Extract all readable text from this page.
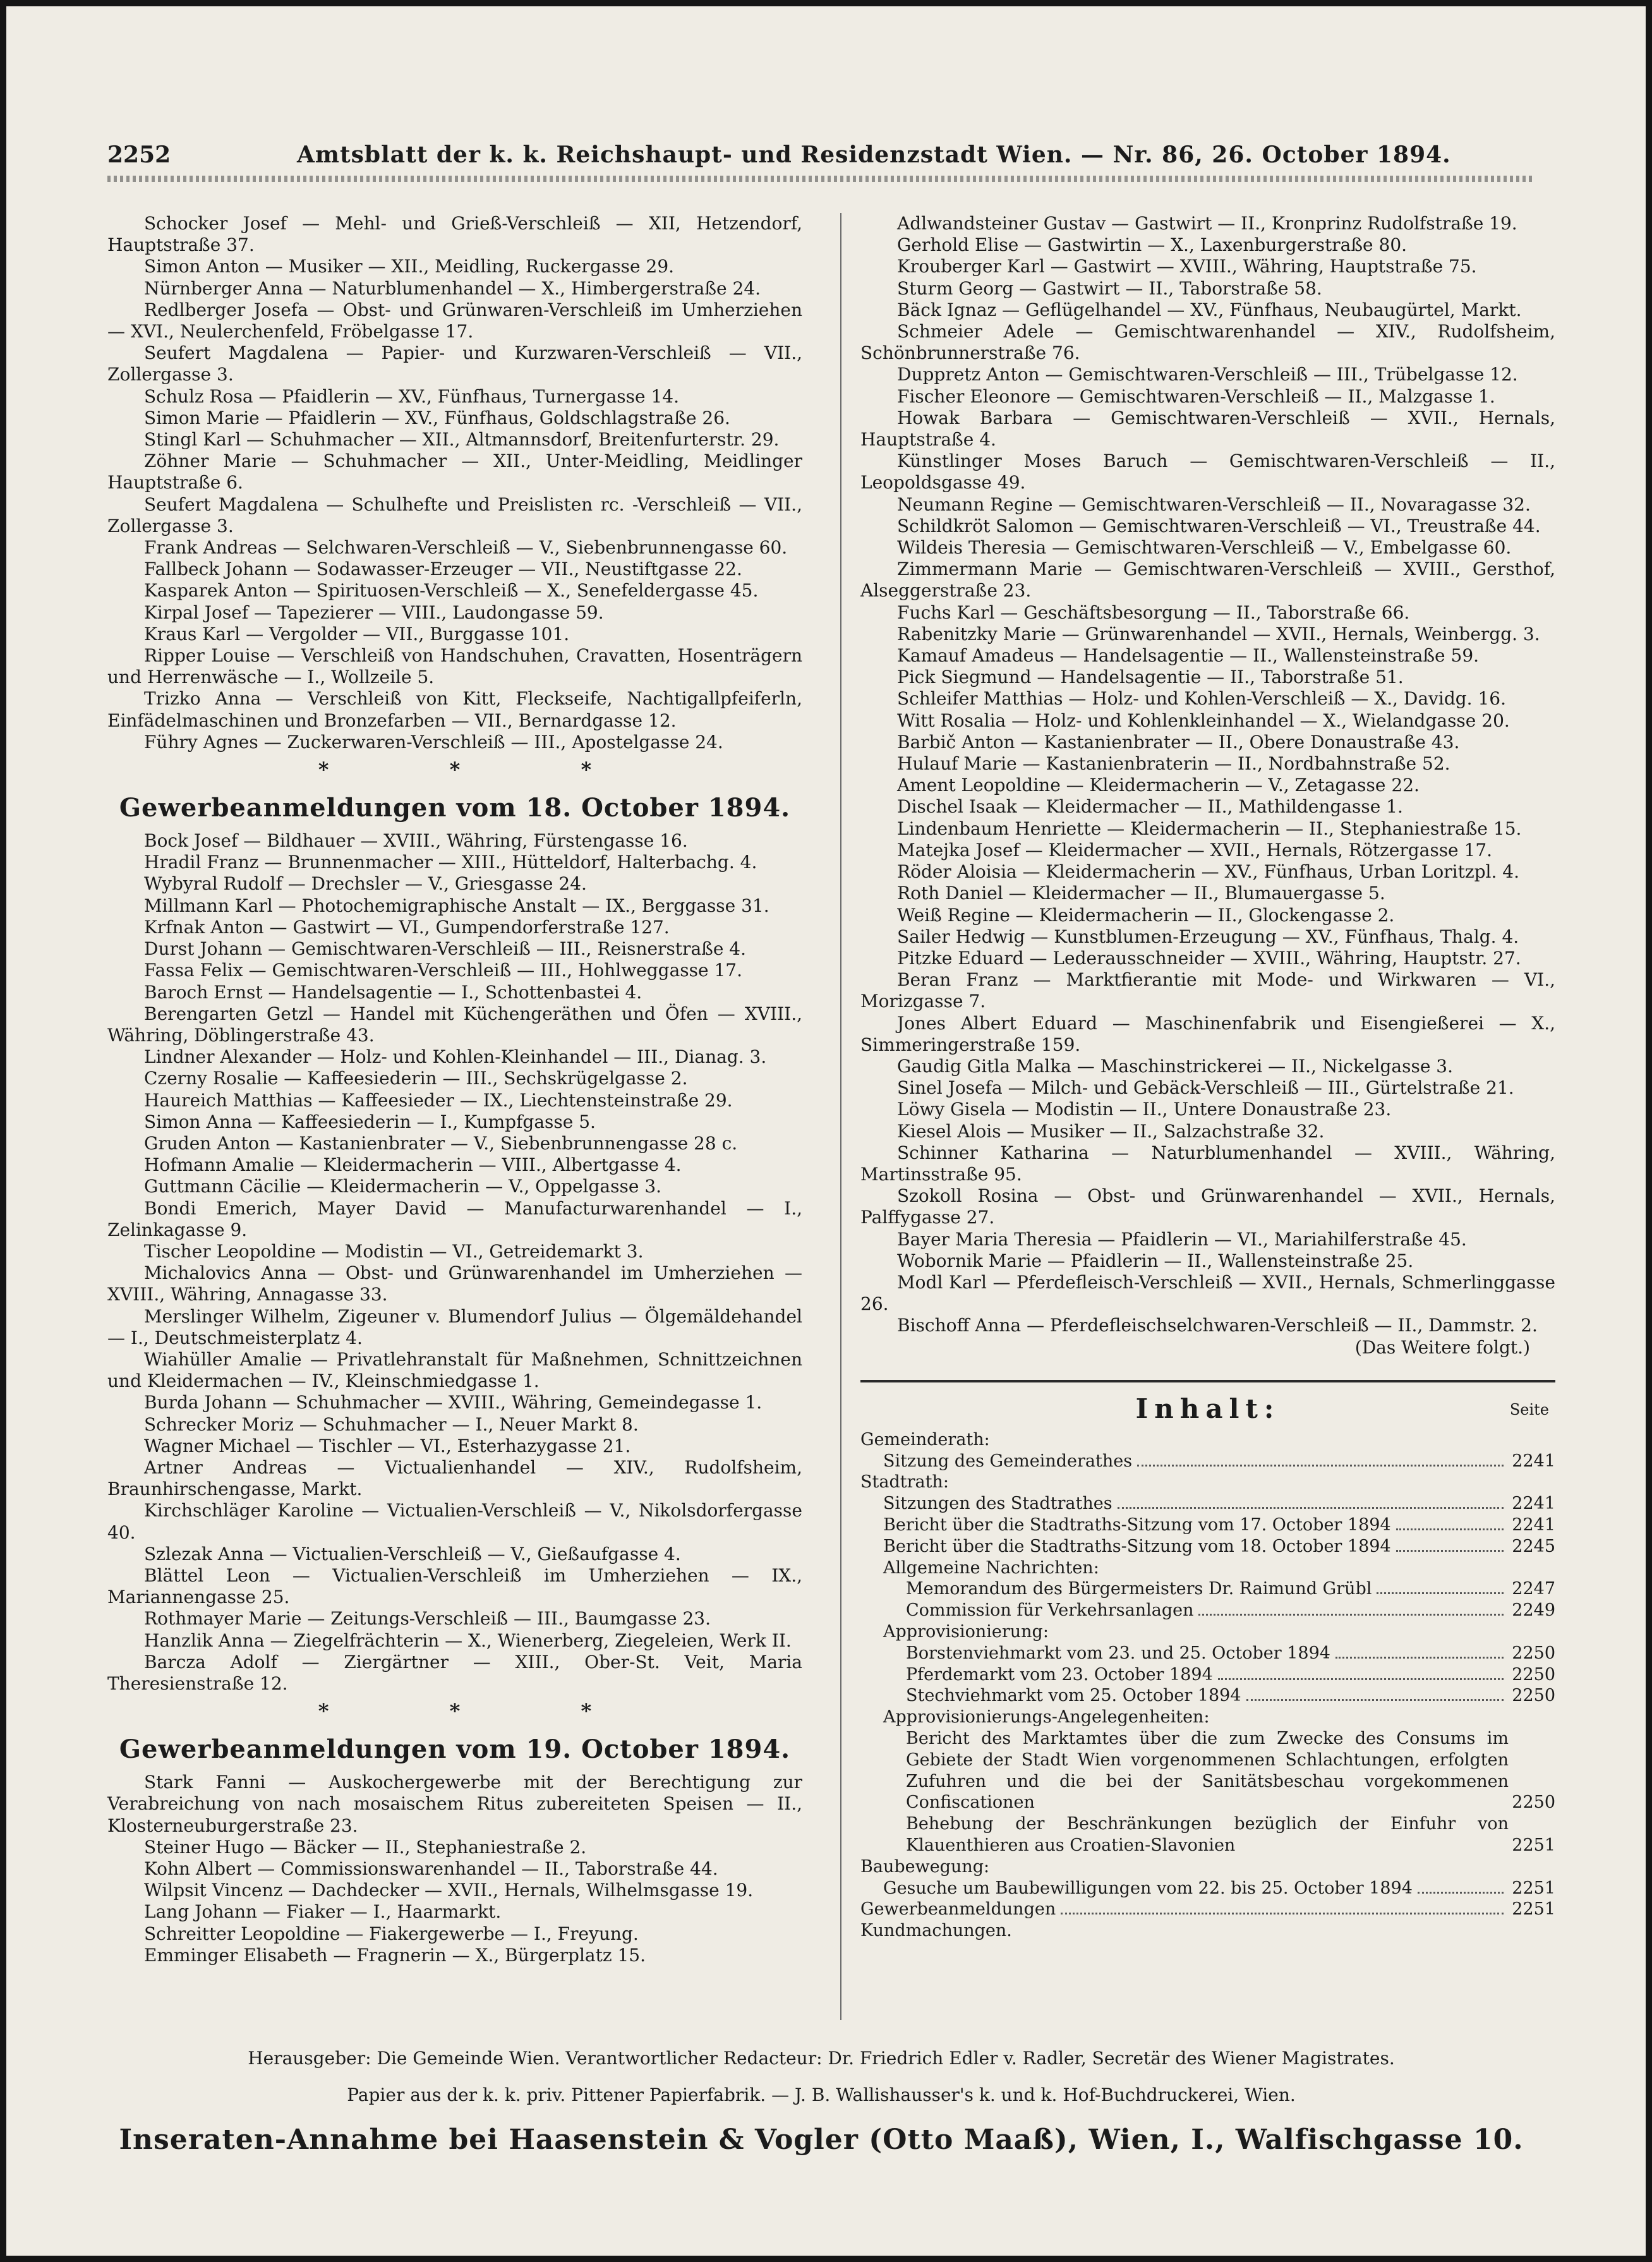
2252	Amtsblatt der k. k. Reichshaupt- und Residenzstadt Wien. — Nr. 86, 26. October 1894.

Schocker Josef — Mehl- und Grieß-Verschleiß — XII, Hetzendorf, Hauptstraße 37.

Simon Anton — Musiker — XII., Meidling, Ruckergasse 29.

Nürnberger Anna — Naturblumenhandel — X., Himbergerstraße 24.

Redlberger Josefa — Obst- und Grünwaren-Verschleiß im Umherziehen — XVI., Neulerchenfeld, Fröbelgasse 17.

Seufert Magdalena — Papier- und Kurzwaren-Verschleiß — VII., Zollergasse 3.

Schulz Rosa — Pfaidlerin — XV., Fünfhaus, Turnergasse 14.

Simon Marie — Pfaidlerin — XV., Fünfhaus, Goldschlagstraße 26.

Stingl Karl — Schuhmacher — XII., Altmannsdorf, Breitenfurterstr. 29.

Zöhner Marie — Schuhmacher — XII., Unter-Meidling, Meidlinger Hauptstraße 6.

Seufert Magdalena — Schulhefte und Preislisten rc. -Verschleiß — VII., Zollergasse 3.

Frank Andreas — Selchwaren-Verschleiß — V., Siebenbrunnengasse 60.

Fallbeck Johann — Sodawasser-Erzeuger — VII., Neustiftgasse 22.

Kasparek Anton — Spirituosen-Verschleiß — X., Senefeldergasse 45.

Kirpal Josef — Tapezierer — VIII., Laudongasse 59.

Kraus Karl — Vergolder — VII., Burggasse 101.

Ripper Louise — Verschleiß von Handschuhen, Cravatten, Hosenträgern und Herrenwäsche — I., Wollzeile 5.

Trizko Anna — Verschleiß von Kitt, Fleckseife, Nachtigallpfeiferln, Einfädelmaschinen und Bronzefarben — VII., Bernardgasse 12.

Führy Agnes — Zuckerwaren-Verschleiß — III., Apostelgasse 24.

* * *
Gewerbeanmeldungen vom 18. October 1894.

Bock Josef — Bildhauer — XVIII., Währing, Fürstengasse 16.

Hradil Franz — Brunnenmacher — XIII., Hütteldorf, Halterbachg. 4.

Wybyral Rudolf — Drechsler — V., Griesgasse 24.

Millmann Karl — Photochemigraphische Anstalt — IX., Berggasse 31.

Krfnak Anton — Gastwirt — VI., Gumpendorferstraße 127.

Durst Johann — Gemischtwaren-Verschleiß — III., Reisnerstraße 4.

Fassa Felix — Gemischtwaren-Verschleiß — III., Hohlweggasse 17.

Baroch Ernst — Handelsagentie — I., Schottenbastei 4.

Berengarten Getzl — Handel mit Küchengeräthen und Öfen — XVIII., Währing, Döblingerstraße 43.

Lindner Alexander — Holz- und Kohlen-Kleinhandel — III., Dianag. 3.

Czerny Rosalie — Kaffeesiederin — III., Sechskrügelgasse 2.

Haureich Matthias — Kaffeesieder — IX., Liechtensteinstraße 29.

Simon Anna — Kaffeesiederin — I., Kumpfgasse 5.

Gruden Anton — Kastanienbrater — V., Siebenbrunnengasse 28 c.

Hofmann Amalie — Kleidermacherin — VIII., Albertgasse 4.

Guttmann Cäcilie — Kleidermacherin — V., Oppelgasse 3.

Bondi Emerich, Mayer David — Manufacturwarenhandel — I., Zelinkagasse 9.

Tischer Leopoldine — Modistin — VI., Getreidemarkt 3.

Michalovics Anna — Obst- und Grünwarenhandel im Umherziehen — XVIII., Währing, Annagasse 33.

Merslinger Wilhelm, Zigeuner v. Blumendorf Julius — Ölgemäldehandel — I., Deutschmeisterplatz 4.

Wiahüller Amalie — Privatlehranstalt für Maßnehmen, Schnittzeichnen und Kleidermachen — IV., Kleinschmiedgasse 1.

Burda Johann — Schuhmacher — XVIII., Währing, Gemeindegasse 1.

Schrecker Moriz — Schuhmacher — I., Neuer Markt 8.

Wagner Michael — Tischler — VI., Esterhazygasse 21.

Artner Andreas — Victualienhandel — XIV., Rudolfsheim, Braunhirschengasse, Markt.

Kirchschläger Karoline — Victualien-Verschleiß — V., Nikolsdorfergasse 40.

Szlezak Anna — Victualien-Verschleiß — V., Gießaufgasse 4.

Blättel Leon — Victualien-Verschleiß im Umherziehen — IX., Mariannengasse 25.

Rothmayer Marie — Zeitungs-Verschleiß — III., Baumgasse 23.

Hanzlik Anna — Ziegelfrächterin — X., Wienerberg, Ziegeleien, Werk II.

Barcza Adolf — Ziergärtner — XIII., Ober-St. Veit, Maria Theresienstraße 12.

* * *
Gewerbeanmeldungen vom 19. October 1894.

Stark Fanni — Auskochergewerbe mit der Berechtigung zur Verabreichung von nach mosaischem Ritus zubereiteten Speisen — II., Klosterneuburgerstraße 23.

Steiner Hugo — Bäcker — II., Stephaniestraße 2.

Kohn Albert — Commissionswarenhandel — II., Taborstraße 44.

Wilpsit Vincenz — Dachdecker — XVII., Hernals, Wilhelmsgasse 19.

Lang Johann — Fiaker — I., Haarmarkt.

Schreitter Leopoldine — Fiakergewerbe — I., Freyung.

Emminger Elisabeth — Fragnerin — X., Bürgerplatz 15.

Adlwandsteiner Gustav — Gastwirt — II., Kronprinz Rudolfstraße 19.

Gerhold Elise — Gastwirtin — X., Laxenburgerstraße 80.

Krouberger Karl — Gastwirt — XVIII., Währing, Hauptstraße 75.

Sturm Georg — Gastwirt — II., Taborstraße 58.

Bäck Ignaz — Geflügelhandel — XV., Fünfhaus, Neubaugürtel, Markt.

Schmeier Adele — Gemischtwarenhandel — XIV., Rudolfsheim, Schönbrunnerstraße 76.

Duppretz Anton — Gemischtwaren-Verschleiß — III., Trübelgasse 12.

Fischer Eleonore — Gemischtwaren-Verschleiß — II., Malzgasse 1.

Howak Barbara — Gemischtwaren-Verschleiß — XVII., Hernals, Hauptstraße 4.

Künstlinger Moses Baruch — Gemischtwaren-Verschleiß — II., Leopoldsgasse 49.

Neumann Regine — Gemischtwaren-Verschleiß — II., Novaragasse 32.

Schildkröt Salomon — Gemischtwaren-Verschleiß — VI., Treustraße 44.

Wildeis Theresia — Gemischtwaren-Verschleiß — V., Embelgasse 60.

Zimmermann Marie — Gemischtwaren-Verschleiß — XVIII., Gersthof, Alseggerstraße 23.

Fuchs Karl — Geschäftsbesorgung — II., Taborstraße 66.

Rabenitzky Marie — Grünwarenhandel — XVII., Hernals, Weinbergg. 3.

Kamauf Amadeus — Handelsagentie — II., Wallensteinstraße 59.

Pick Siegmund — Handelsagentie — II., Taborstraße 51.

Schleifer Matthias — Holz- und Kohlen-Verschleiß — X., Davidg. 16.

Witt Rosalia — Holz- und Kohlenkleinhandel — X., Wielandgasse 20.

Barbič Anton — Kastanienbrater — II., Obere Donaustraße 43.

Hulauf Marie — Kastanienbraterin — II., Nordbahnstraße 52.

Ament Leopoldine — Kleidermacherin — V., Zetagasse 22.

Dischel Isaak — Kleidermacher — II., Mathildengasse 1.

Lindenbaum Henriette — Kleidermacherin — II., Stephaniestraße 15.

Matejka Josef — Kleidermacher — XVII., Hernals, Rötzergasse 17.

Röder Aloisia — Kleidermacherin — XV., Fünfhaus, Urban Loritzpl. 4.

Roth Daniel — Kleidermacher — II., Blumauergasse 5.

Weiß Regine — Kleidermacherin — II., Glockengasse 2.

Sailer Hedwig — Kunstblumen-Erzeugung — XV., Fünfhaus, Thalg. 4.

Pitzke Eduard — Lederausschneider — XVIII., Währing, Hauptstr. 27.

Beran Franz — Marktfierantie mit Mode- und Wirkwaren — VI., Morizgasse 7.

Jones Albert Eduard — Maschinenfabrik und Eisengießerei — X., Simmeringerstraße 159.

Gaudig Gitla Malka — Maschinstrickerei — II., Nickelgasse 3.

Sinel Josefa — Milch- und Gebäck-Verschleiß — III., Gürtelstraße 21.

Löwy Gisela — Modistin — II., Untere Donaustraße 23.

Kiesel Alois — Musiker — II., Salzachstraße 32.

Schinner Katharina — Naturblumenhandel — XVIII., Währing, Martinsstraße 95.

Szokoll Rosina — Obst- und Grünwarenhandel — XVII., Hernals, Palffygasse 27.

Bayer Maria Theresia — Pfaidlerin — VI., Mariahilferstraße 45.

Wobornik Marie — Pfaidlerin — II., Wallensteinstraße 25.

Modl Karl — Pferdefleisch-Verschleiß — XVII., Hernals, Schmerlinggasse 26.

Bischoff Anna — Pferdefleischselchwaren-Verschleiß — II., Dammstr. 2.

(Das Weitere folgt.)
Inhalt:	Seite
Gemeinderath:
Sitzung des Gemeinderathes	2241
Stadtrath:
Sitzungen des Stadtrathes	2241
Bericht über die Stadtraths-Sitzung vom 17. October 1894	2241
Bericht über die Stadtraths-Sitzung vom 18. October 1894	2245
Allgemeine Nachrichten:
Memorandum des Bürgermeisters Dr. Raimund Grübl	2247
Commission für Verkehrsanlagen	2249
Approvisionierung:
Borstenviehmarkt vom 23. und 25. October 1894	2250
Pferdemarkt vom 23. October 1894	2250
Stechviehmarkt vom 25. October 1894	2250
Approvisionierungs-Angelegenheiten:
Bericht des Marktamtes über die zum Zwecke des Consums im Gebiete der Stadt Wien vorgenommenen Schlachtungen, erfolgten Zufuhren und die bei der Sanitätsbeschau vorgekommenen Confiscationen	2250
Behebung der Beschränkungen bezüglich der Einfuhr von Klauenthieren aus Croatien-Slavonien	2251
Baubewegung:
Gesuche um Baubewilligungen vom 22. bis 25. October 1894	2251
Gewerbeanmeldungen	2251
Kundmachungen.
Herausgeber: Die Gemeinde Wien. Verantwortlicher Redacteur: Dr. Friedrich Edler v. Radler, Secretär des Wiener Magistrates.
Papier aus der k. k. priv. Pittener Papierfabrik. — J. B. Wallishausser's k. und k. Hof-Buchdruckerei, Wien.
Inseraten-Annahme bei Haasenstein & Vogler (Otto Maaß), Wien, I., Walfischgasse 10.
